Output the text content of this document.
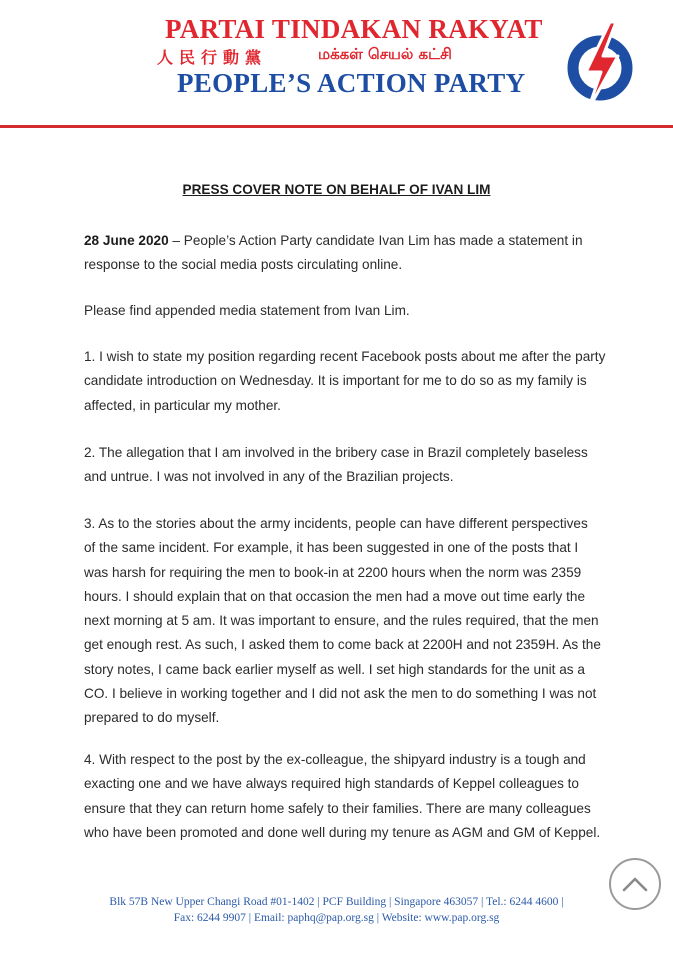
PARTAI TINDAKAN RAKYAT
人民行動黨	மக்கள் செயல் கட்சி
PEOPLE’S ACTION PARTY
PRESS COVER NOTE ON BEHALF OF IVAN LIM
28 June 2020 – People’s Action Party candidate Ivan Lim has made a statement in
response to the social media posts circulating online.
Please find appended media statement from Ivan Lim.
1. I wish to state my position regarding recent Facebook posts about me after the party
candidate introduction on Wednesday. It is important for me to do so as my family is
affected, in particular my mother.
2. The allegation that I am involved in the bribery case in Brazil completely baseless
and untrue. I was not involved in any of the Brazilian projects.
3. As to the stories about the army incidents, people can have different perspectives
of the same incident. For example, it has been suggested in one of the posts that I
was harsh for requiring the men to book-in at 2200 hours when the norm was 2359
hours. I should explain that on that occasion the men had a move out time early the
next morning at 5 am. It was important to ensure, and the rules required, that the men
get enough rest. As such, I asked them to come back at 2200H and not 2359H. As the
story notes, I came back earlier myself as well. I set high standards for the unit as a
CO. I believe in working together and I did not ask the men to do something I was not
prepared to do myself.
4. With respect to the post by the ex-colleague, the shipyard industry is a tough and
exacting one and we have always required high standards of Keppel colleagues to
ensure that they can return home safely to their families. There are many colleagues
who have been promoted and done well during my tenure as AGM and GM of Keppel.
Blk 57B New Upper Changi Road #01-1402 | PCF Building | Singapore 463057 | Tel.: 6244 4600 |
Fax: 6244 9907 | Email: paphq@pap.org.sg | Website: www.pap.org.sg
